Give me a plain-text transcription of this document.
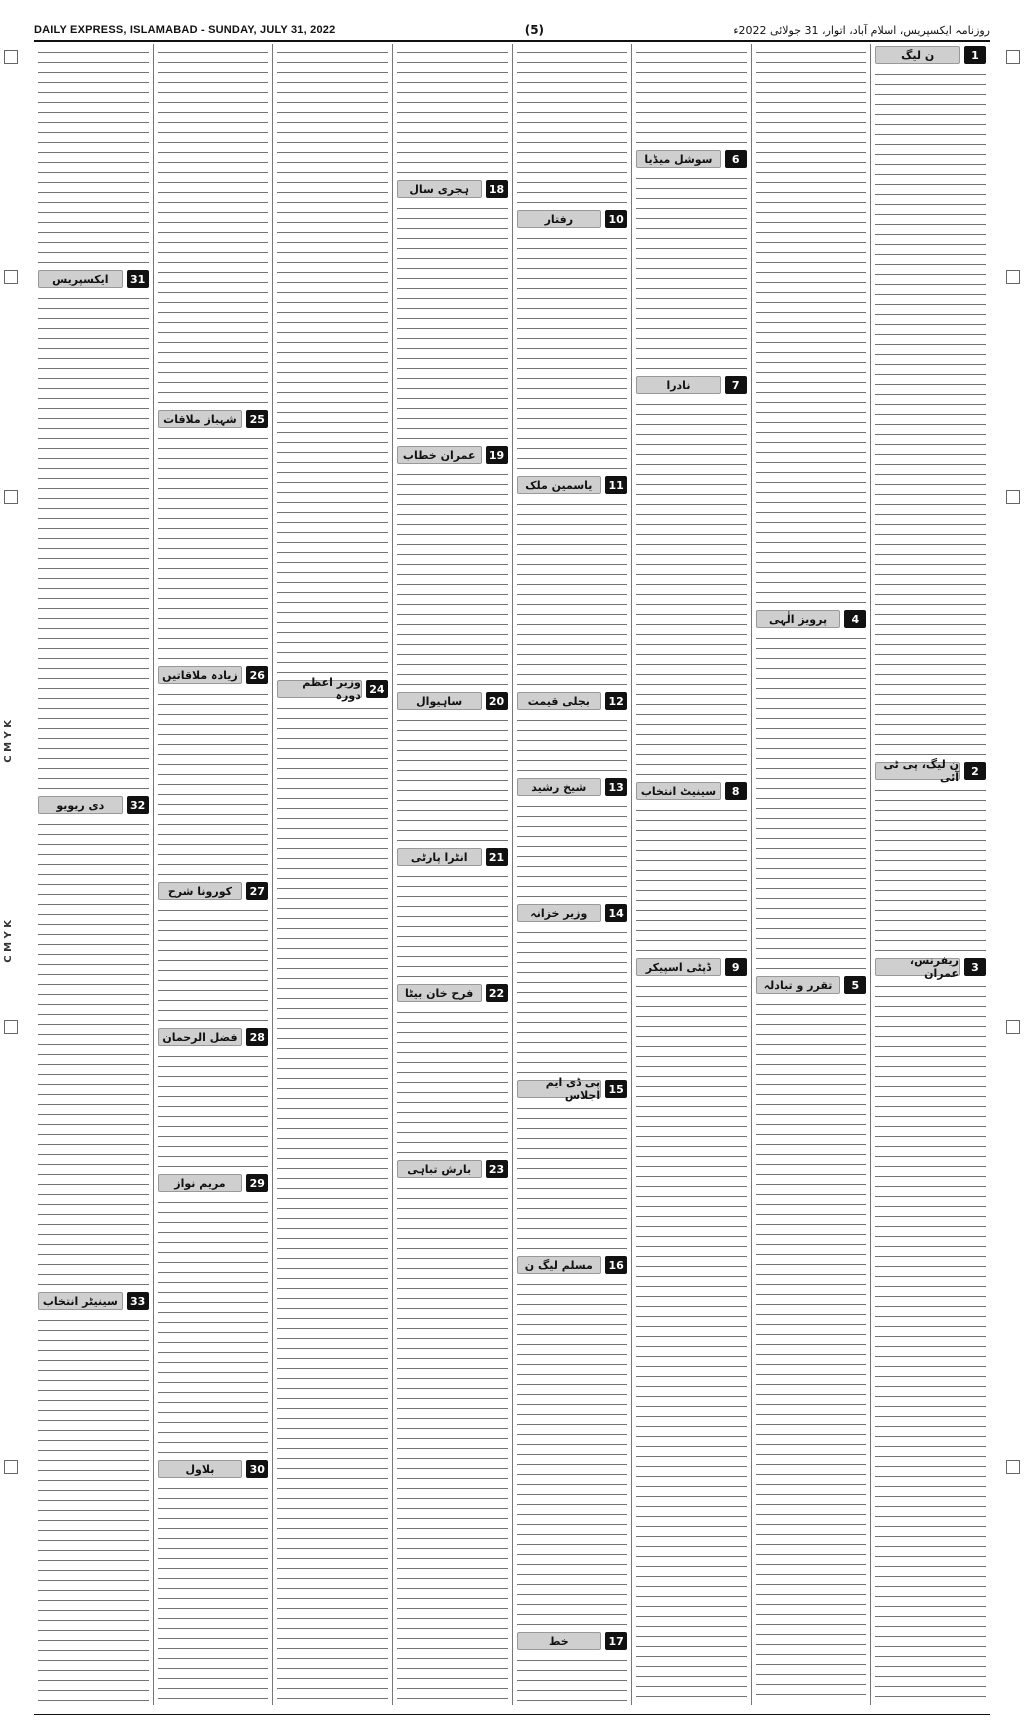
DAILY EXPRESS, ISLAMABAD - SUNDAY, JULY 31, 2022	(5)	روزنامہ ایکسپریس، اسلام آباد، اتوار، 31 جولائی 2022ء
C M Y K
C M Y K
ن لیگ	1
ن لیگ، پی ٹی آئی	2
ریفرنس، عمران	3
پرویز الٰہی	4
تقرر و تبادلہ	5
سوشل میڈیا	6
نادرا	7
سینیٹ انتخاب	8
ڈپٹی اسپیکر	9
رفتار	10
یاسمین ملک	11
بجلی قیمت	12
شیخ رشید	13
وزیر خزانہ	14
پی ڈی ایم اجلاس 15
مسلم لیگ ن	16
خط	17
ہجری سال	18
عمران خطاب	19
ساہیوال	20
انٹرا پارٹی	21
فرح خان بیٹا	22
بارش تباہی	23
وزیر اعظم دورہ 24
شہباز ملاقات	25
زیادہ ملاقاتیں	26
کورونا شرح	27
فضل الرحمان	28
مریم نواز	29
بلاول	30
ایکسپریس	31
دی ریویو	32
سینیٹر انتخاب	33
